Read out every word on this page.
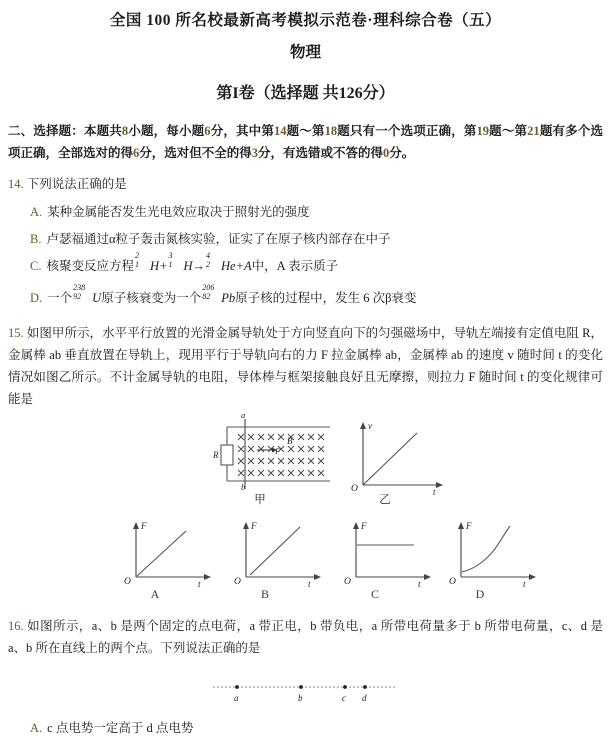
全国 100 所名校最新高考模拟示范卷·理科综合卷（五）
物理
第I卷（选择题 共126分）
二、选择题：本题共8小题，每小题6分，其中第14题～第18题只有一个选项正确，第19题～第21题有多个选项正确，全部选对的得6分，选对但不全的得3分，有选错或不答的得0分。
14. 下列说法正确的是
A. 某种金属能否发生光电效应取决于照射光的强度
B. 卢瑟福通过α粒子轰击氮核实验，证实了在原子核内部存在中子
C. 核聚变反应方程
2
1 H+
3
1 H→
4
2 He+A中，A 表示质子
D. 一个
238
92 U原子核衰变为一个
206
82 Pb原子核的过程中，发生 6 次β衰变
15. 如图甲所示，水平平行放置的光滑金属导轨处于方向竖直向下的匀强磁场中，导轨左端接有定值电阻 R，金属棒 ab 垂直放置在导轨上，现用平行于导轨向右的力 F 拉金属棒 ab，金属棒 ab 的速度 v 随时间 t 的变化情况如图乙所示。不计金属导轨的电阻，导体棒与框架接触良好且无摩擦，则拉力 F 随时间 t 的变化规律可能是
a
b
R
B
F
O
v
t
甲	乙
O
F
t	O
F
t	O
F
t	O
F
t
A	B	C	D
16. 如图所示，a、b 是两个固定的点电荷，a 带正电，b 带负电，a 所带电荷量多于 b 所带电荷量，c、d 是 a、b 所在直线上的两个点。下列说法正确的是
a	b	c d
A. c 点电势一定高于 d 点电势
